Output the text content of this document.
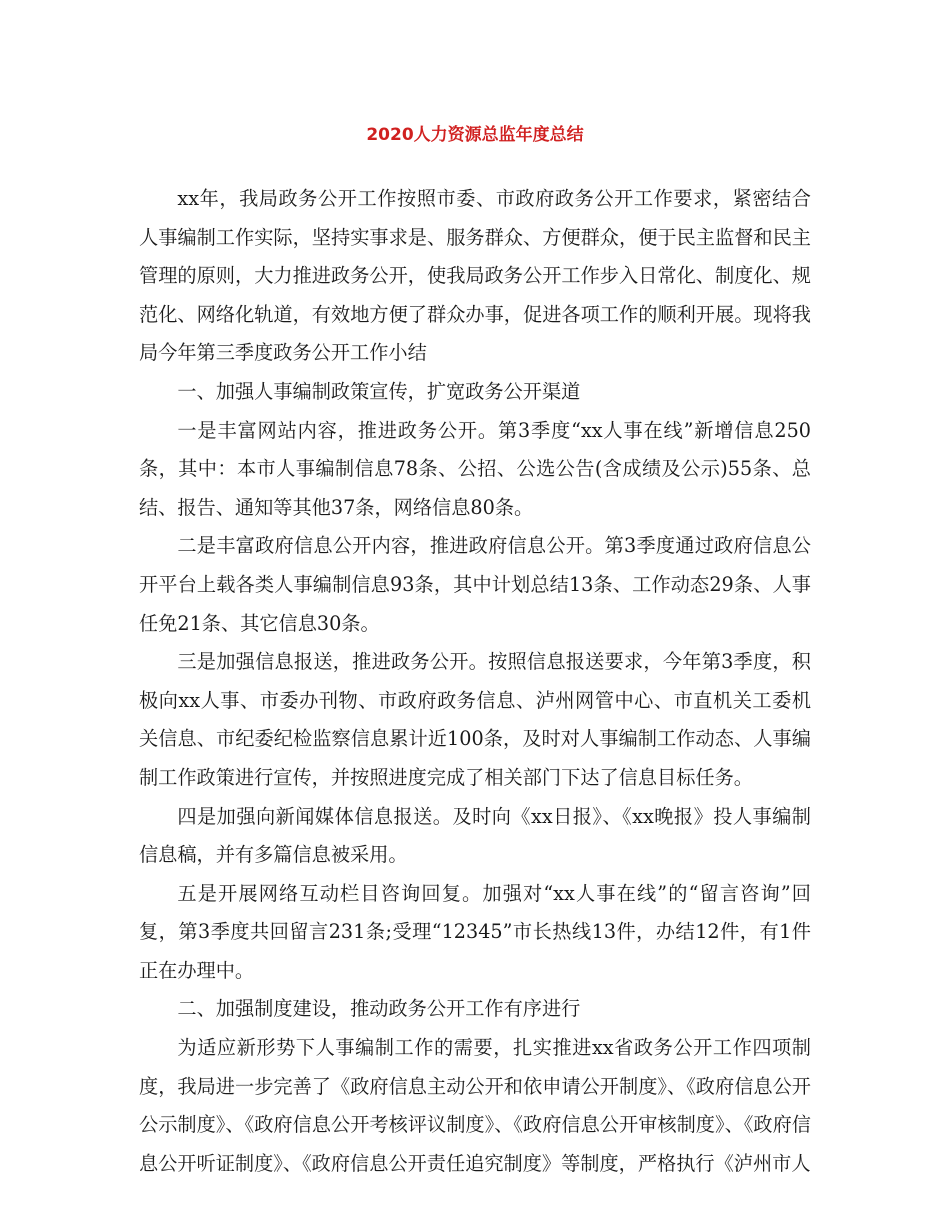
2020人力资源总监年度总结

xx年，我局政务公开工作按照市委、市政府政务公开工作要求，紧密结合人事编制工作实际，坚持实事求是、服务群众、方便群众，便于民主监督和民主管理的原则，大力推进政务公开，使我局政务公开工作步入日常化、制度化、规范化、网络化轨道，有效地方便了群众办事，促进各项工作的顺利开展。现将我局今年第三季度政务公开工作小结

一、加强人事编制政策宣传，扩宽政务公开渠道

一是丰富网站内容，推进政务公开。第3季度“xx人事在线”新增信息250条，其中：本市人事编制信息78条、公招、公选公告(含成绩及公示)55条、总结、报告、通知等其他37条，网络信息80条。

二是丰富政府信息公开内容，推进政府信息公开。第3季度通过政府信息公开平台上载各类人事编制信息93条，其中计划总结13条、工作动态29条、人事任免21条、其它信息30条。

三是加强信息报送，推进政务公开。按照信息报送要求，今年第3季度，积极向xx人事、市委办刊物、市政府政务信息、泸州网管中心、市直机关工委机关信息、市纪委纪检监察信息累计近100条，及时对人事编制工作动态、人事编制工作政策进行宣传，并按照进度完成了相关部门下达了信息目标任务。

四是加强向新闻媒体信息报送。及时向《xx日报》、《xx晚报》投人事编制信息稿，并有多篇信息被采用。

五是开展网络互动栏目咨询回复。加强对“xx人事在线”的“留言咨询”回复，第3季度共回留言231条;受理“12345”市长热线13件，办结12件，有1件正在办理中。

二、加强制度建设，推动政务公开工作有序进行

为适应新形势下人事编制工作的需要，扎实推进xx省政务公开工作四项制度，我局进一步完善了《政府信息主动公开和依申请公开制度》、《政府信息公开公示制度》、《政府信息公开考核评议制度》、《政府信息公开审核制度》、《政府信息公开听证制度》、《政府信息公开责任追究制度》等制度，严格执行《泸州市人
